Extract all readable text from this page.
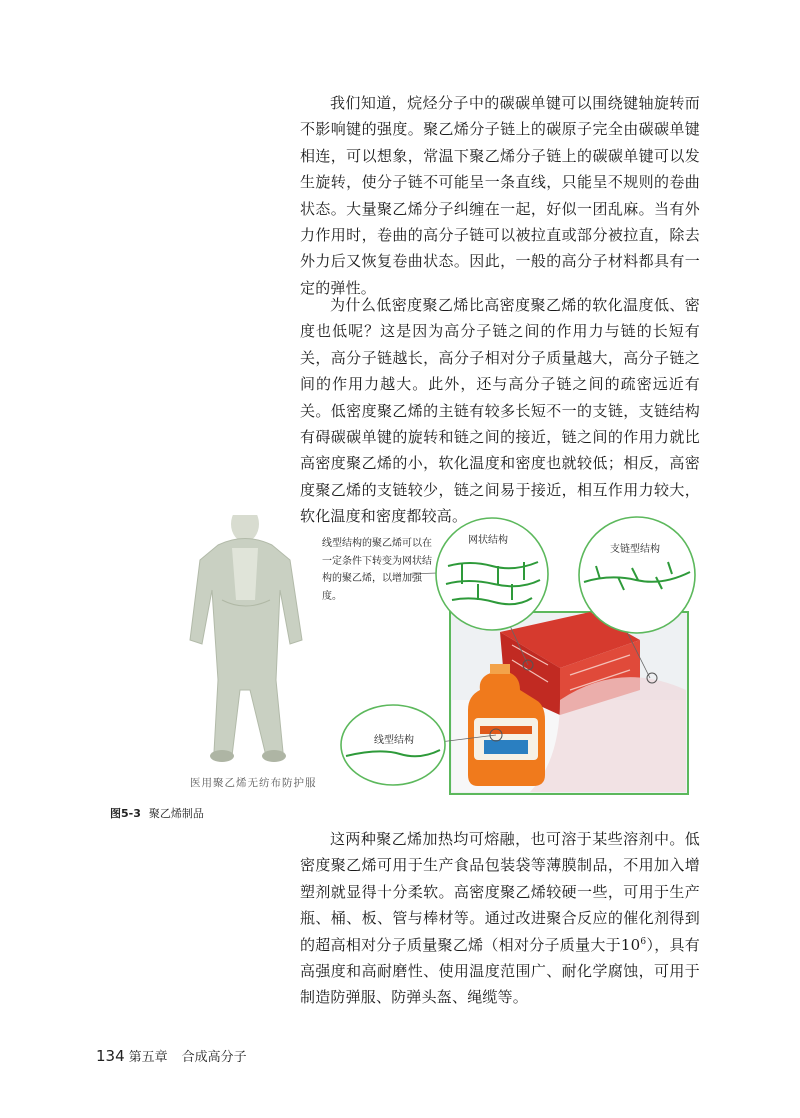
我们知道，烷烃分子中的碳碳单键可以围绕键轴旋转而不影响键的强度。聚乙烯分子链上的碳原子完全由碳碳单键相连，可以想象，常温下聚乙烯分子链上的碳碳单键可以发生旋转，使分子链不可能呈一条直线，只能呈不规则的卷曲状态。大量聚乙烯分子纠缠在一起，好似一团乱麻。当有外力作用时，卷曲的高分子链可以被拉直或部分被拉直，除去外力后又恢复卷曲状态。因此，一般的高分子材料都具有一定的弹性。

为什么低密度聚乙烯比高密度聚乙烯的软化温度低、密度也低呢？这是因为高分子链之间的作用力与链的长短有关，高分子链越长，高分子相对分子质量越大，高分子链之间的作用力越大。此外，还与高分子链之间的疏密远近有关。低密度聚乙烯的主链有较多长短不一的支链，支链结构有碍碳碳单键的旋转和链之间的接近，链之间的作用力就比高密度聚乙烯的小，软化温度和密度也就较低；相反，高密度聚乙烯的支链较少，链之间易于接近，相互作用力较大，软化温度和密度都较高。

线型结构的聚乙烯可以在一定条件下转变为网状结构的聚乙烯，以增加强度。
网状结构
支链型结构
线型结构
医用聚乙烯无纺布防护服
图5-3 聚乙烯制品

这两种聚乙烯加热均可熔融，也可溶于某些溶剂中。低密度聚乙烯可用于生产食品包装袋等薄膜制品，不用加入增塑剂就显得十分柔软。高密度聚乙烯较硬一些，可用于生产瓶、桶、板、管与棒材等。通过改进聚合反应的催化剂得到的超高相对分子质量聚乙烯（相对分子质量大于$10^6$），具有高强度和高耐磨性、使用温度范围广、耐化学腐蚀，可用于制造防弹服、防弹头盔、绳缆等。

134 第五章 合成高分子
